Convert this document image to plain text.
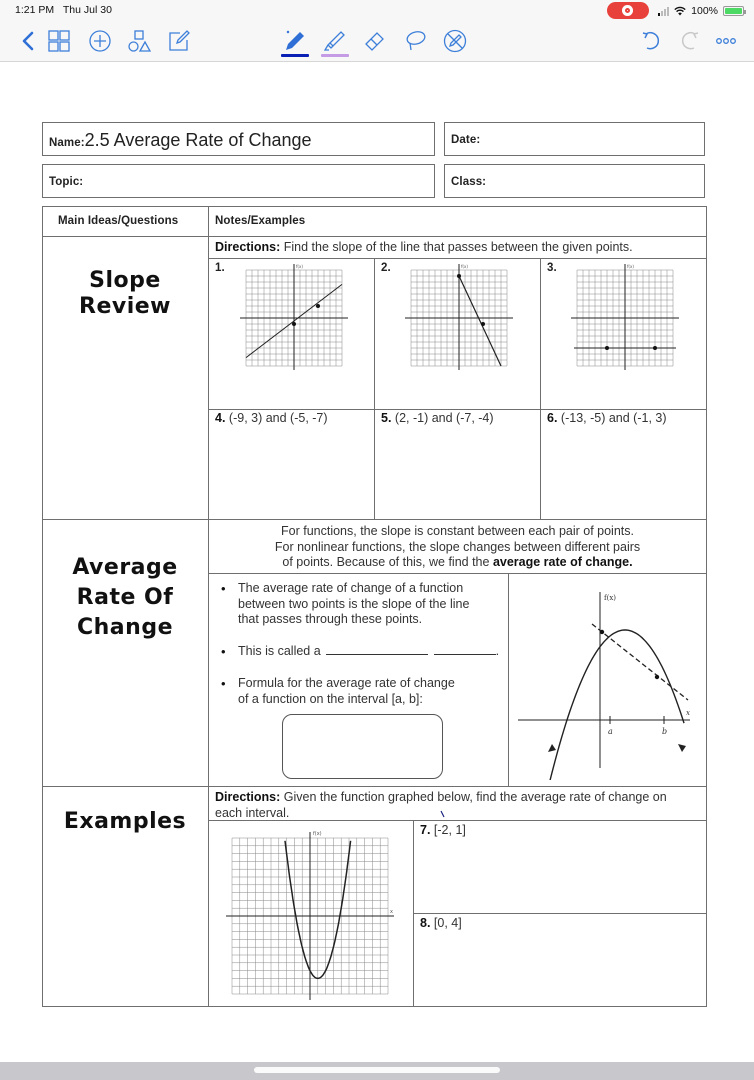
1:21 PM Thu Jul 30	100%
Name: 2.5 Average Rate of Change	Date:
Topic:	Class:
Main Ideas/Questions	Notes/Examples
Slope
Review
Directions: Find the slope of the line that passes between the given points.
1.	2.	3.
f(x)	f(x)	f(x)
4. (-9, 3) and (-5, -7)	5. (2, -1) and (-7, -4)	6. (-13, -5) and (-1, 3)
Average
Rate Of
Change
For functions, the slope is constant between each pair of points.
For nonlinear functions, the slope changes between different pairs
of points. Because of this, we find the average rate of change.
• The average rate of change of a function
between two points is the slope of the line
that passes through these points.
• This is called a	.
• Formula for the average rate of change
of a function on the interval [a, b]:
f(x)
x
a	b
Examples
Directions: Given the function graphed below, find the average rate of change on each interval.
f(x)
x
7. [-2, 1]
8. [0, 4]
